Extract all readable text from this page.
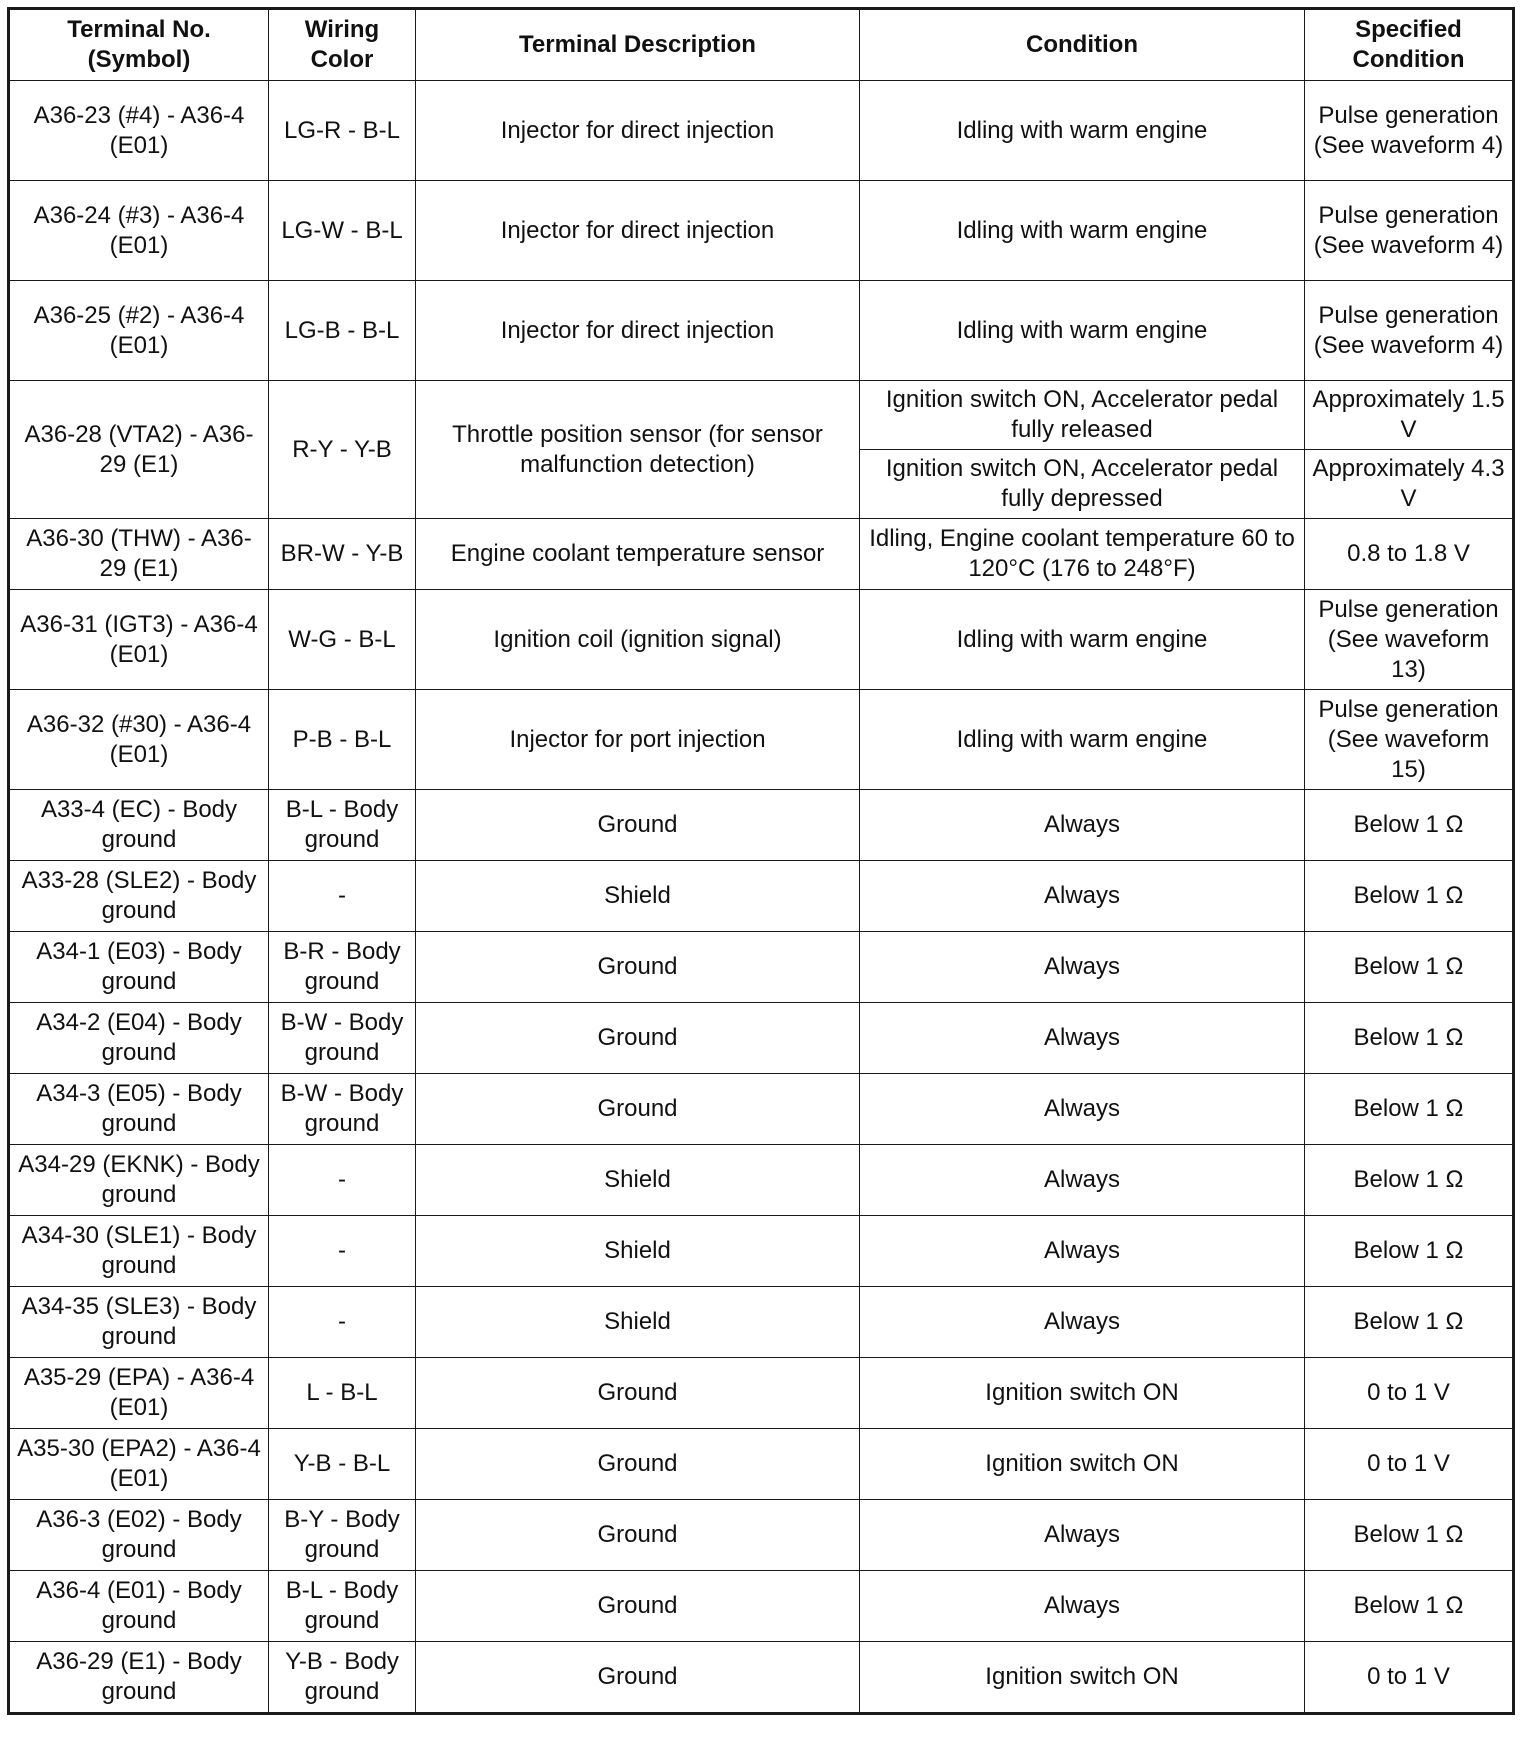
Terminal No. (Symbol)	Wiring Color	Terminal Description	Condition	Specified Condition
A36-23 (#4) - A36-4 (E01)	LG-R - B-L	Injector for direct injection	Idling with warm engine	Pulse generation (See waveform 4)
A36-24 (#3) - A36-4 (E01)	LG-W - B-L	Injector for direct injection	Idling with warm engine	Pulse generation (See waveform 4)
A36-25 (#2) - A36-4 (E01)	LG-B - B-L	Injector for direct injection	Idling with warm engine	Pulse generation (See waveform 4)
A36-28 (VTA2) - A36-29 (E1)	R-Y - Y-B	Throttle position sensor (for sensor malfunction detection)	Ignition switch ON, Accelerator pedal fully released	Approximately 1.5 V
			Ignition switch ON, Accelerator pedal fully depressed	Approximately 4.3 V
A36-30 (THW) - A36-29 (E1)	BR-W - Y-B	Engine coolant temperature sensor	Idling, Engine coolant temperature 60 to 120°C (176 to 248°F)	0.8 to 1.8 V
A36-31 (IGT3) - A36-4 (E01)	W-G - B-L	Ignition coil (ignition signal)	Idling with warm engine	Pulse generation (See waveform 13)
A36-32 (#30) - A36-4 (E01)	P-B - B-L	Injector for port injection	Idling with warm engine	Pulse generation (See waveform 15)
A33-4 (EC) - Body ground	B-L - Body ground	Ground	Always	Below 1 Ω
A33-28 (SLE2) - Body ground	-	Shield	Always	Below 1 Ω
A34-1 (E03) - Body ground	B-R - Body ground	Ground	Always	Below 1 Ω
A34-2 (E04) - Body ground	B-W - Body ground	Ground	Always	Below 1 Ω
A34-3 (E05) - Body ground	B-W - Body ground	Ground	Always	Below 1 Ω
A34-29 (EKNK) - Body ground	-	Shield	Always	Below 1 Ω
A34-30 (SLE1) - Body ground	-	Shield	Always	Below 1 Ω
A34-35 (SLE3) - Body ground	-	Shield	Always	Below 1 Ω
A35-29 (EPA) - A36-4 (E01)	L - B-L	Ground	Ignition switch ON	0 to 1 V
A35-30 (EPA2) - A36-4 (E01)	Y-B - B-L	Ground	Ignition switch ON	0 to 1 V
A36-3 (E02) - Body ground	B-Y - Body ground	Ground	Always	Below 1 Ω
A36-4 (E01) - Body ground	B-L - Body ground	Ground	Always	Below 1 Ω
A36-29 (E1) - Body ground	Y-B - Body ground	Ground	Ignition switch ON	0 to 1 V
